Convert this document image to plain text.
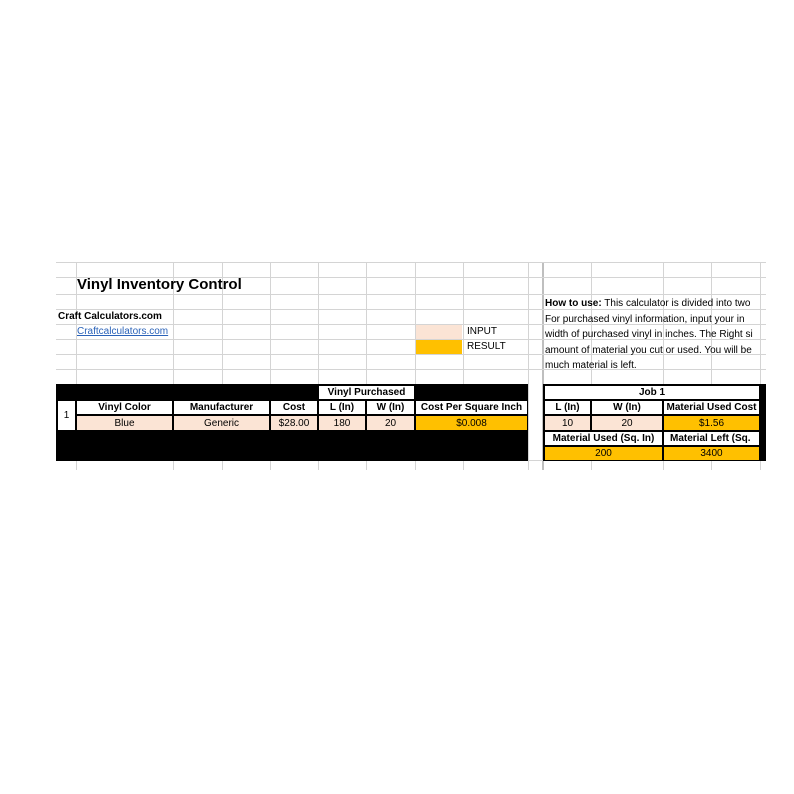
Vinyl Inventory Control
Craft Calculators.com
Craftcalculators.com	INPUT
RESULT
How to use: This calculator is divided into two
For purchased vinyl information, input your in
width of purchased vinyl in inches. The Right si
amount of material you cut or used. You will be
much material is left.
Vinyl Purchased
1
Vinyl Color	Manufacturer	Cost	L (In)	W (In)	Cost Per Square Inch
Blue	Generic	$28.00	180	20	$0.008
Job 1
L (In)	W (In)	Material Used Cost
10	20	$1.56
Material Used (Sq. In)	Material Left (Sq.
200	3400
